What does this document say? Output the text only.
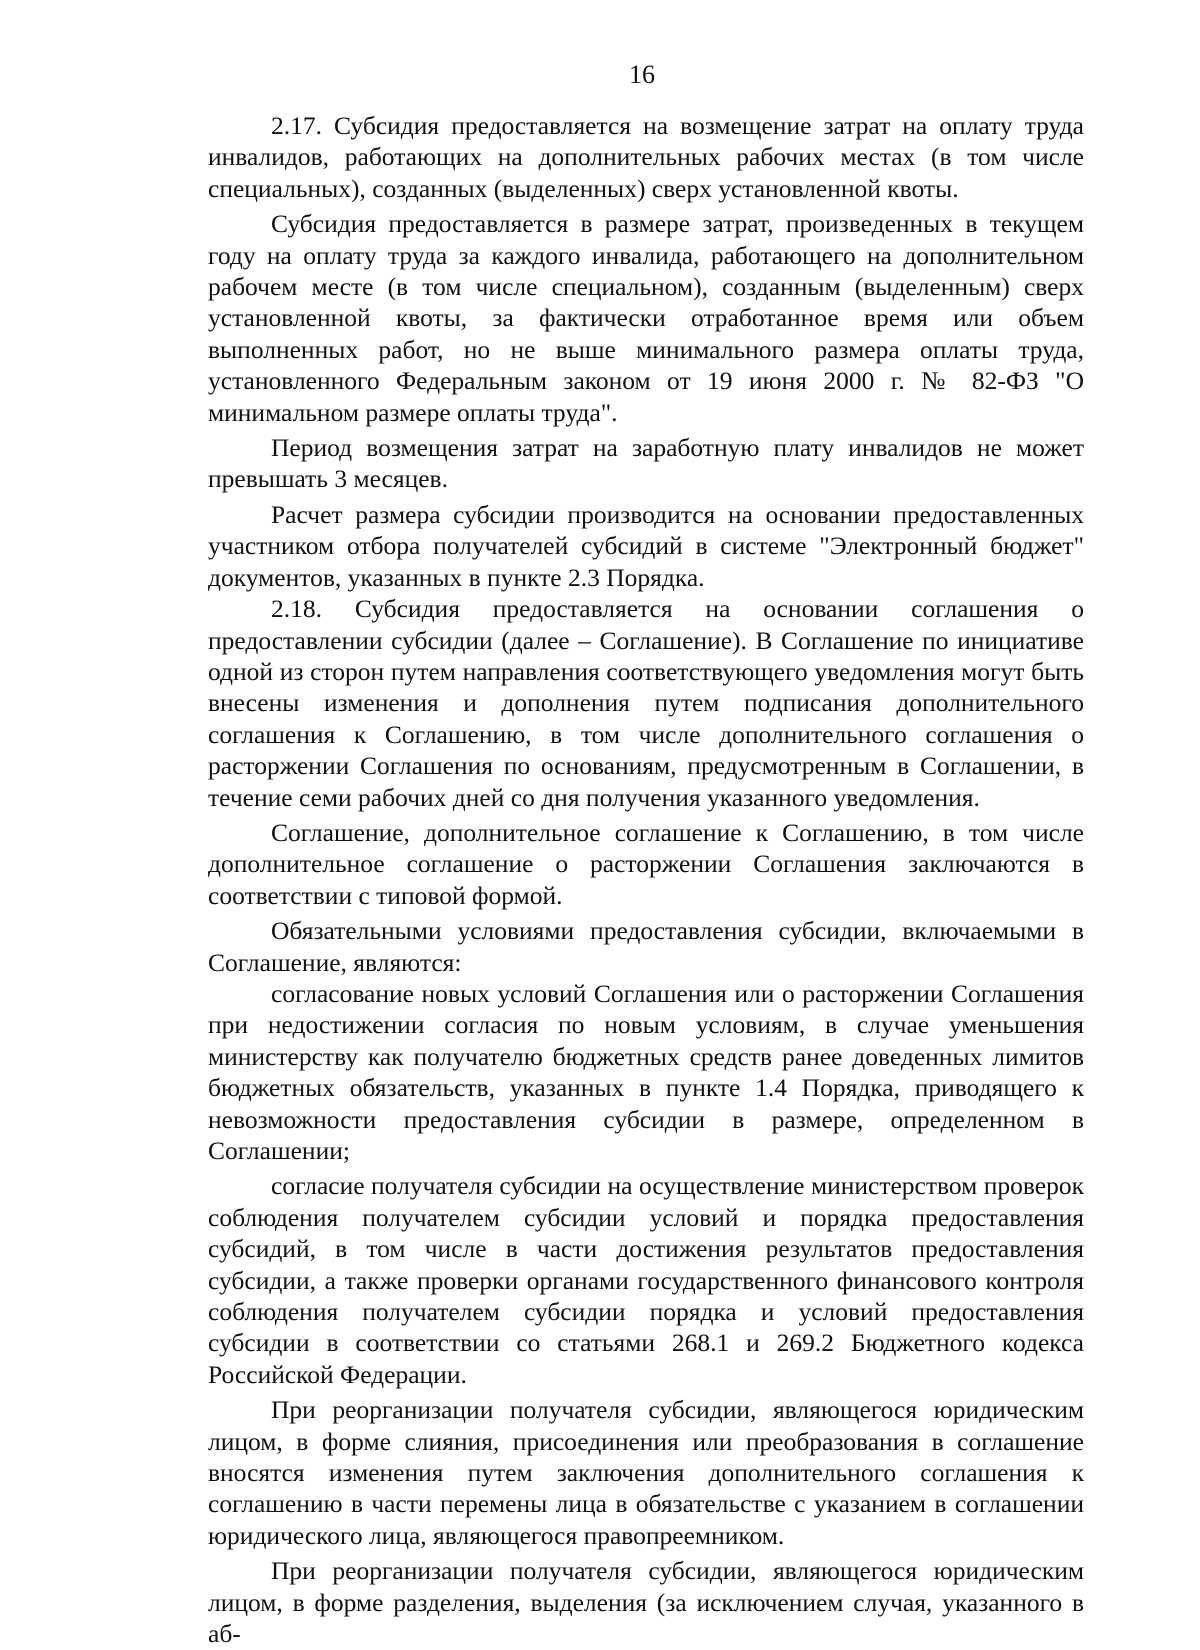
16

2.17. Субсидия предоставляется на возмещение затрат на оплату труда инвалидов, работающих на дополнительных рабочих местах (в том числе специальных), созданных (выделенных) сверх установленной квоты.

Субсидия предоставляется в размере затрат, произведенных в текущем году на оплату труда за каждого инвалида, работающего на дополнительном рабочем месте (в том числе специальном), созданным (выделенным) сверх установленной квоты, за фактически отработанное время или объем выполненных работ, но не выше минимального размера оплаты труда, установленного Федеральным законом от 19 июня 2000 г. № 82-ФЗ "О минимальном размере оплаты труда".

Период возмещения затрат на заработную плату инвалидов не может превышать 3 месяцев.

Расчет размера субсидии производится на основании предоставленных участником отбора получателей субсидий в системе "Электронный бюджет" документов, указанных в пункте 2.3 Порядка.

2.18. Субсидия предоставляется на основании соглашения о предоставлении субсидии (далее – Соглашение). В Соглашение по инициативе одной из сторон путем направления соответствующего уведомления могут быть внесены изменения и дополнения путем подписания дополнительного соглашения к Соглашению, в том числе дополнительного соглашения о расторжении Соглашения по основаниям, предусмотренным в Соглашении, в течение семи рабочих дней со дня получения указанного уведомления.

Соглашение, дополнительное соглашение к Соглашению, в том числе дополнительное соглашение о расторжении Соглашения заключаются в соответствии с типовой формой.

Обязательными условиями предоставления субсидии, включаемыми в Соглашение, являются:

согласование новых условий Соглашения или о расторжении Соглашения при недостижении согласия по новым условиям, в случае уменьшения министерству как получателю бюджетных средств ранее доведенных лимитов бюджетных обязательств, указанных в пункте 1.4 Порядка, приводящего к невозможности предоставления субсидии в размере, определенном в Соглашении;

согласие получателя субсидии на осуществление министерством проверок соблюдения получателем субсидии условий и порядка предоставления субсидий, в том числе в части достижения результатов предоставления субсидии, а также проверки органами государственного финансового контроля соблюдения получателем субсидии порядка и условий предоставления субсидии в соответствии со статьями 268.1 и 269.2 Бюджетного кодекса Российской Федерации.

При реорганизации получателя субсидии, являющегося юридическим лицом, в форме слияния, присоединения или преобразования в соглашение вносятся изменения путем заключения дополнительного соглашения к соглашению в части перемены лица в обязательстве с указанием в соглашении юридического лица, являющегося правопреемником.

При реорганизации получателя субсидии, являющегося юридическим лицом, в форме разделения, выделения (за исключением случая, указанного в аб-
